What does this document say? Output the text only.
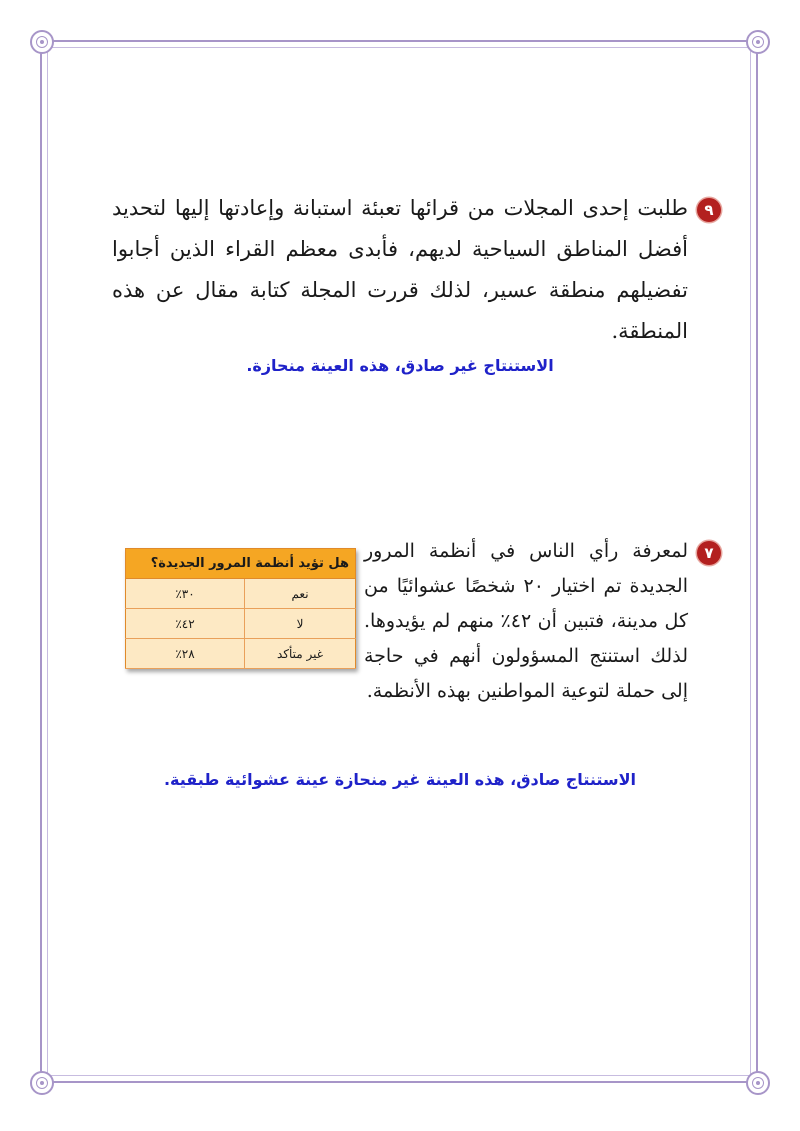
٩
طلبت إحدى المجلات من قرائها تعبئة استبانة وإعادتها إليها لتحديد أفضل المناطق السياحية لديهم، فأبدى معظم القراء الذين أجابوا تفضيلهم منطقة عسير، لذلك قررت المجلة كتابة مقال عن هذه المنطقة.
الاستنتاج غير صادق، هذه العينة منحازة.
٧
لمعرفة رأي الناس في أنظمة المرور الجديدة تم اختيار ٢٠ شخصًا عشوائيًا من كل مدينة، فتبين أن ٤٢٪ منهم لم يؤيدوها. لذلك استنتج المسؤولون أنهم في حاجة إلى حملة لتوعية المواطنين بهذه الأنظمة.
هل تؤيد أنظمة المرور الجديدة؟	
نعم	٣٠٪
لا	٤٢٪
غير متأكد	٢٨٪
الاستنتاج صادق، هذه العينة غير منحازة عينة عشوائية طبقية.
